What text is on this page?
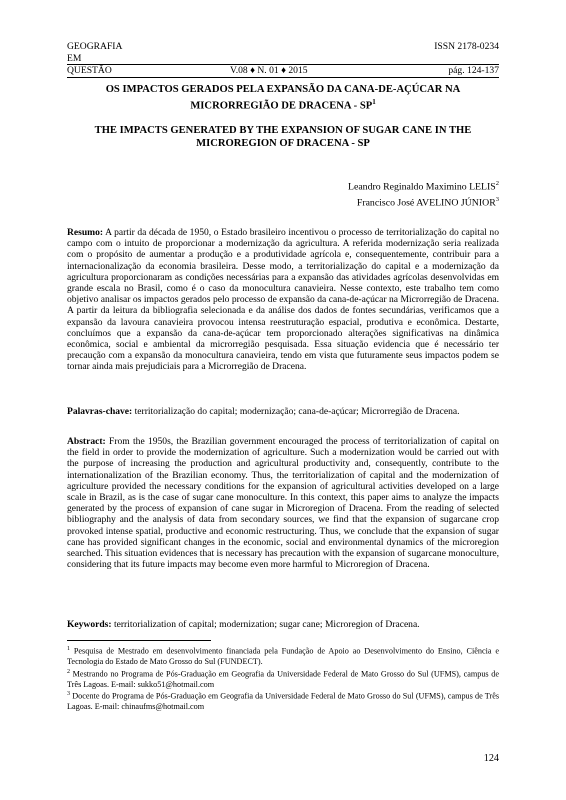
GEOGRAFIA	ISSN 2178-0234
EM
QUESTÃO	V.08 ♦ N. 01 ♦ 2015	pág. 124-137
OS IMPACTOS GERADOS PELA EXPANSÃO DA CANA-DE-AÇÚCAR NA
MICRORREGIÃO DE DRACENA - $SP^1$
THE IMPACTS GENERATED BY THE EXPANSION OF SUGAR CANE IN THE
MICROREGION OF DRACENA - SP
Leandro Reginaldo Maximino LELIS$^2$
Francisco José AVELINO JÚNIOR$^3$
Resumo: A partir da década de 1950, o Estado brasileiro incentivou o processo de territorialização do capital no campo com o intuito de proporcionar a modernização da agricultura. A referida modernização seria realizada com o propósito de aumentar a produção e a produtividade agrícola e, consequentemente, contribuir para a internacionalização da economia brasileira. Desse modo, a territorialização do capital e a modernização da agricultura proporcionaram as condições necessárias para a expansão das atividades agrícolas desenvolvidas em grande escala no Brasil, como é o caso da monocultura canavieira. Nesse contexto, este trabalho tem como objetivo analisar os impactos gerados pelo processo de expansão da cana-de-açúcar na Microrregião de Dracena. A partir da leitura da bibliografia selecionada e da análise dos dados de fontes secundárias, verificamos que a expansão da lavoura canavieira provocou intensa reestruturação espacial, produtiva e econômica. Destarte, concluímos que a expansão da cana-de-açúcar tem proporcionado alterações significativas na dinâmica econômica, social e ambiental da microrregião pesquisada. Essa situação evidencia que é necessário ter precaução com a expansão da monocultura canavieira, tendo em vista que futuramente seus impactos podem se tornar ainda mais prejudiciais para a Microrregião de Dracena.
Palavras-chave: territorialização do capital; modernização; cana-de-açúcar; Microrregião de Dracena.
Abstract: From the 1950s, the Brazilian government encouraged the process of territorialization of capital on the field in order to provide the modernization of agriculture. Such a modernization would be carried out with the purpose of increasing the production and agricultural productivity and, consequently, contribute to the internationalization of the Brazilian economy. Thus, the territorialization of capital and the modernization of agriculture provided the necessary conditions for the expansion of agricultural activities developed on a large scale in Brazil, as is the case of sugar cane monoculture. In this context, this paper aims to analyze the impacts generated by the process of expansion of cane sugar in Microregion of Dracena. From the reading of selected bibliography and the analysis of data from secondary sources, we find that the expansion of sugarcane crop provoked intense spatial, productive and economic restructuring. Thus, we conclude that the expansion of sugar cane has provided significant changes in the economic, social and environmental dynamics of the microregion searched. This situation evidences that is necessary has precaution with the expansion of sugarcane monoculture, considering that its future impacts may become even more harmful to Microregion of Dracena.
Keywords: territorialization of capital; modernization; sugar cane; Microregion of Dracena.
$^1$ Pesquisa de Mestrado em desenvolvimento financiada pela Fundação de Apoio ao Desenvolvimento do Ensino, Ciência e Tecnologia do Estado de Mato Grosso do Sul (FUNDECT).
$^2$ Mestrando no Programa de Pós-Graduação em Geografia da Universidade Federal de Mato Grosso do Sul (UFMS), campus de Três Lagoas. E-mail: sukko51@hotmail.com
$^3$ Docente do Programa de Pós-Graduação em Geografia da Universidade Federal de Mato Grosso do Sul (UFMS), campus de Três Lagoas. E-mail: chinaufms@hotmail.com
124
